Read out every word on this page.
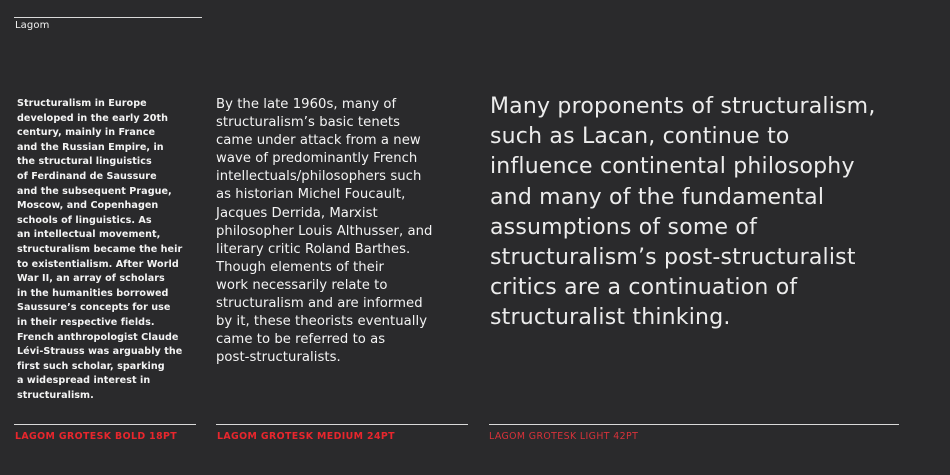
Lagom

Structuralism in Europe
developed in the early 20th
century, mainly in France
and the Russian Empire, in
the structural linguistics
of Ferdinand de Saussure
and the subsequent Prague,
Moscow, and Copenhagen
schools of linguistics. As
an intellectual movement,
structuralism became the heir
to existentialism. After World
War II, an array of scholars
in the humanities borrowed
Saussure’s concepts for use
in their respective fields.
French anthropologist Claude
Lévi-Strauss was arguably the
first such scholar, sparking
a widespread interest in
structuralism.

By the late 1960s, many of
structuralism’s basic tenets
came under attack from a new
wave of predominantly French
intellectuals/philosophers such
as historian Michel Foucault,
Jacques Derrida, Marxist
philosopher Louis Althusser, and
literary critic Roland Barthes.
Though elements of their
work necessarily relate to
structuralism and are informed
by it, these theorists eventually
came to be referred to as
post-structuralists.

Many proponents of structuralism,
such as Lacan, continue to
influence continental philosophy
and many of the fundamental
assumptions of some of
structuralism’s post-structuralist
critics are a continuation of
structuralist thinking.

LAGOM GROTESK BOLD 18PT	LAGOM GROTESK MEDIUM 24PT	LAGOM GROTESK LIGHT 42PT
